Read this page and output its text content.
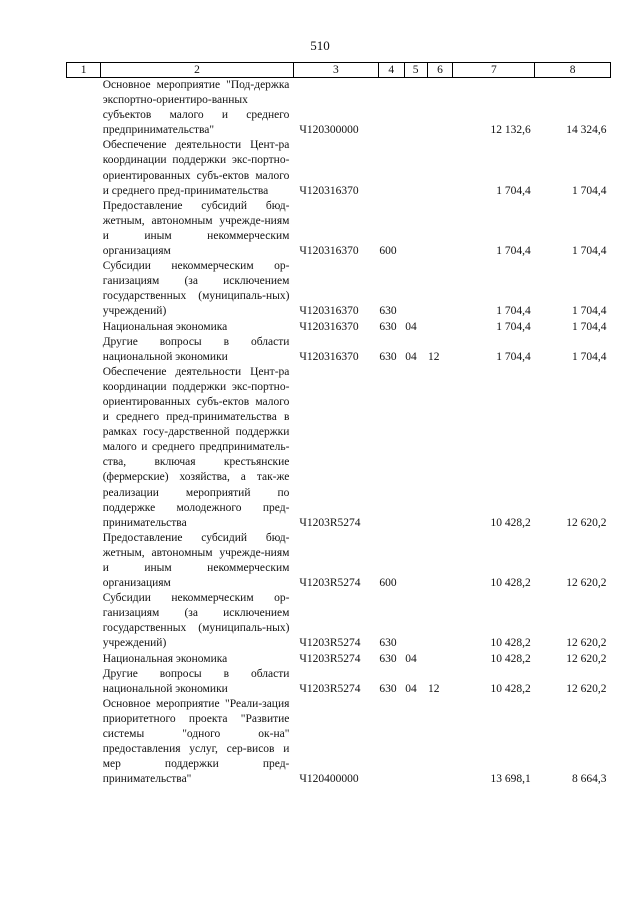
510
1	2	3	4	5	6	7	8
	Основное мероприятие "Под-держка экспортно-ориентиро-ванных субъектов малого и среднего предпринимательства"	Ч120300000				12 132,6	14 324,6
	Обеспечение деятельности Цент-ра координации поддержки экс-портно-ориентированных субъ-ектов малого и среднего пред-принимательства	Ч120316370				1 704,4	1 704,4
	Предоставление субсидий бюд-жетным, автономным учрежде-ниям и иным некоммерческим организациям	Ч120316370	600			1 704,4	1 704,4
	Субсидии некоммерческим ор-ганизациям (за исключением государственных (муниципаль-ных) учреждений)	Ч120316370	630			1 704,4	1 704,4
	Национальная экономика	Ч120316370	630	04		1 704,4	1 704,4
	Другие вопросы в области национальной экономики	Ч120316370	630	04	12	1 704,4	1 704,4
	Обеспечение деятельности Цент-ра координации поддержки экс-портно-ориентированных субъ-ектов малого и среднего пред-принимательства в рамках госу-дарственной поддержки малого и среднего предприниматель-ства, включая крестьянские (фермерские) хозяйства, а так-же реализации мероприятий по поддержке молодежного пред-принимательства	Ч1203R5274				10 428,2	12 620,2
	Предоставление субсидий бюд-жетным, автономным учрежде-ниям и иным некоммерческим организациям	Ч1203R5274	600			10 428,2	12 620,2
	Субсидии некоммерческим ор-ганизациям (за исключением государственных (муниципаль-ных) учреждений)	Ч1203R5274	630			10 428,2	12 620,2
	Национальная экономика	Ч1203R5274	630	04		10 428,2	12 620,2
	Другие вопросы в области национальной экономики	Ч1203R5274	630	04	12	10 428,2	12 620,2
	Основное мероприятие "Реали-зация приоритетного проекта "Развитие системы "одного ок-на" предоставления услуг, сер-висов и мер поддержки пред-принимательства"	Ч120400000				13 698,1	8 664,3
